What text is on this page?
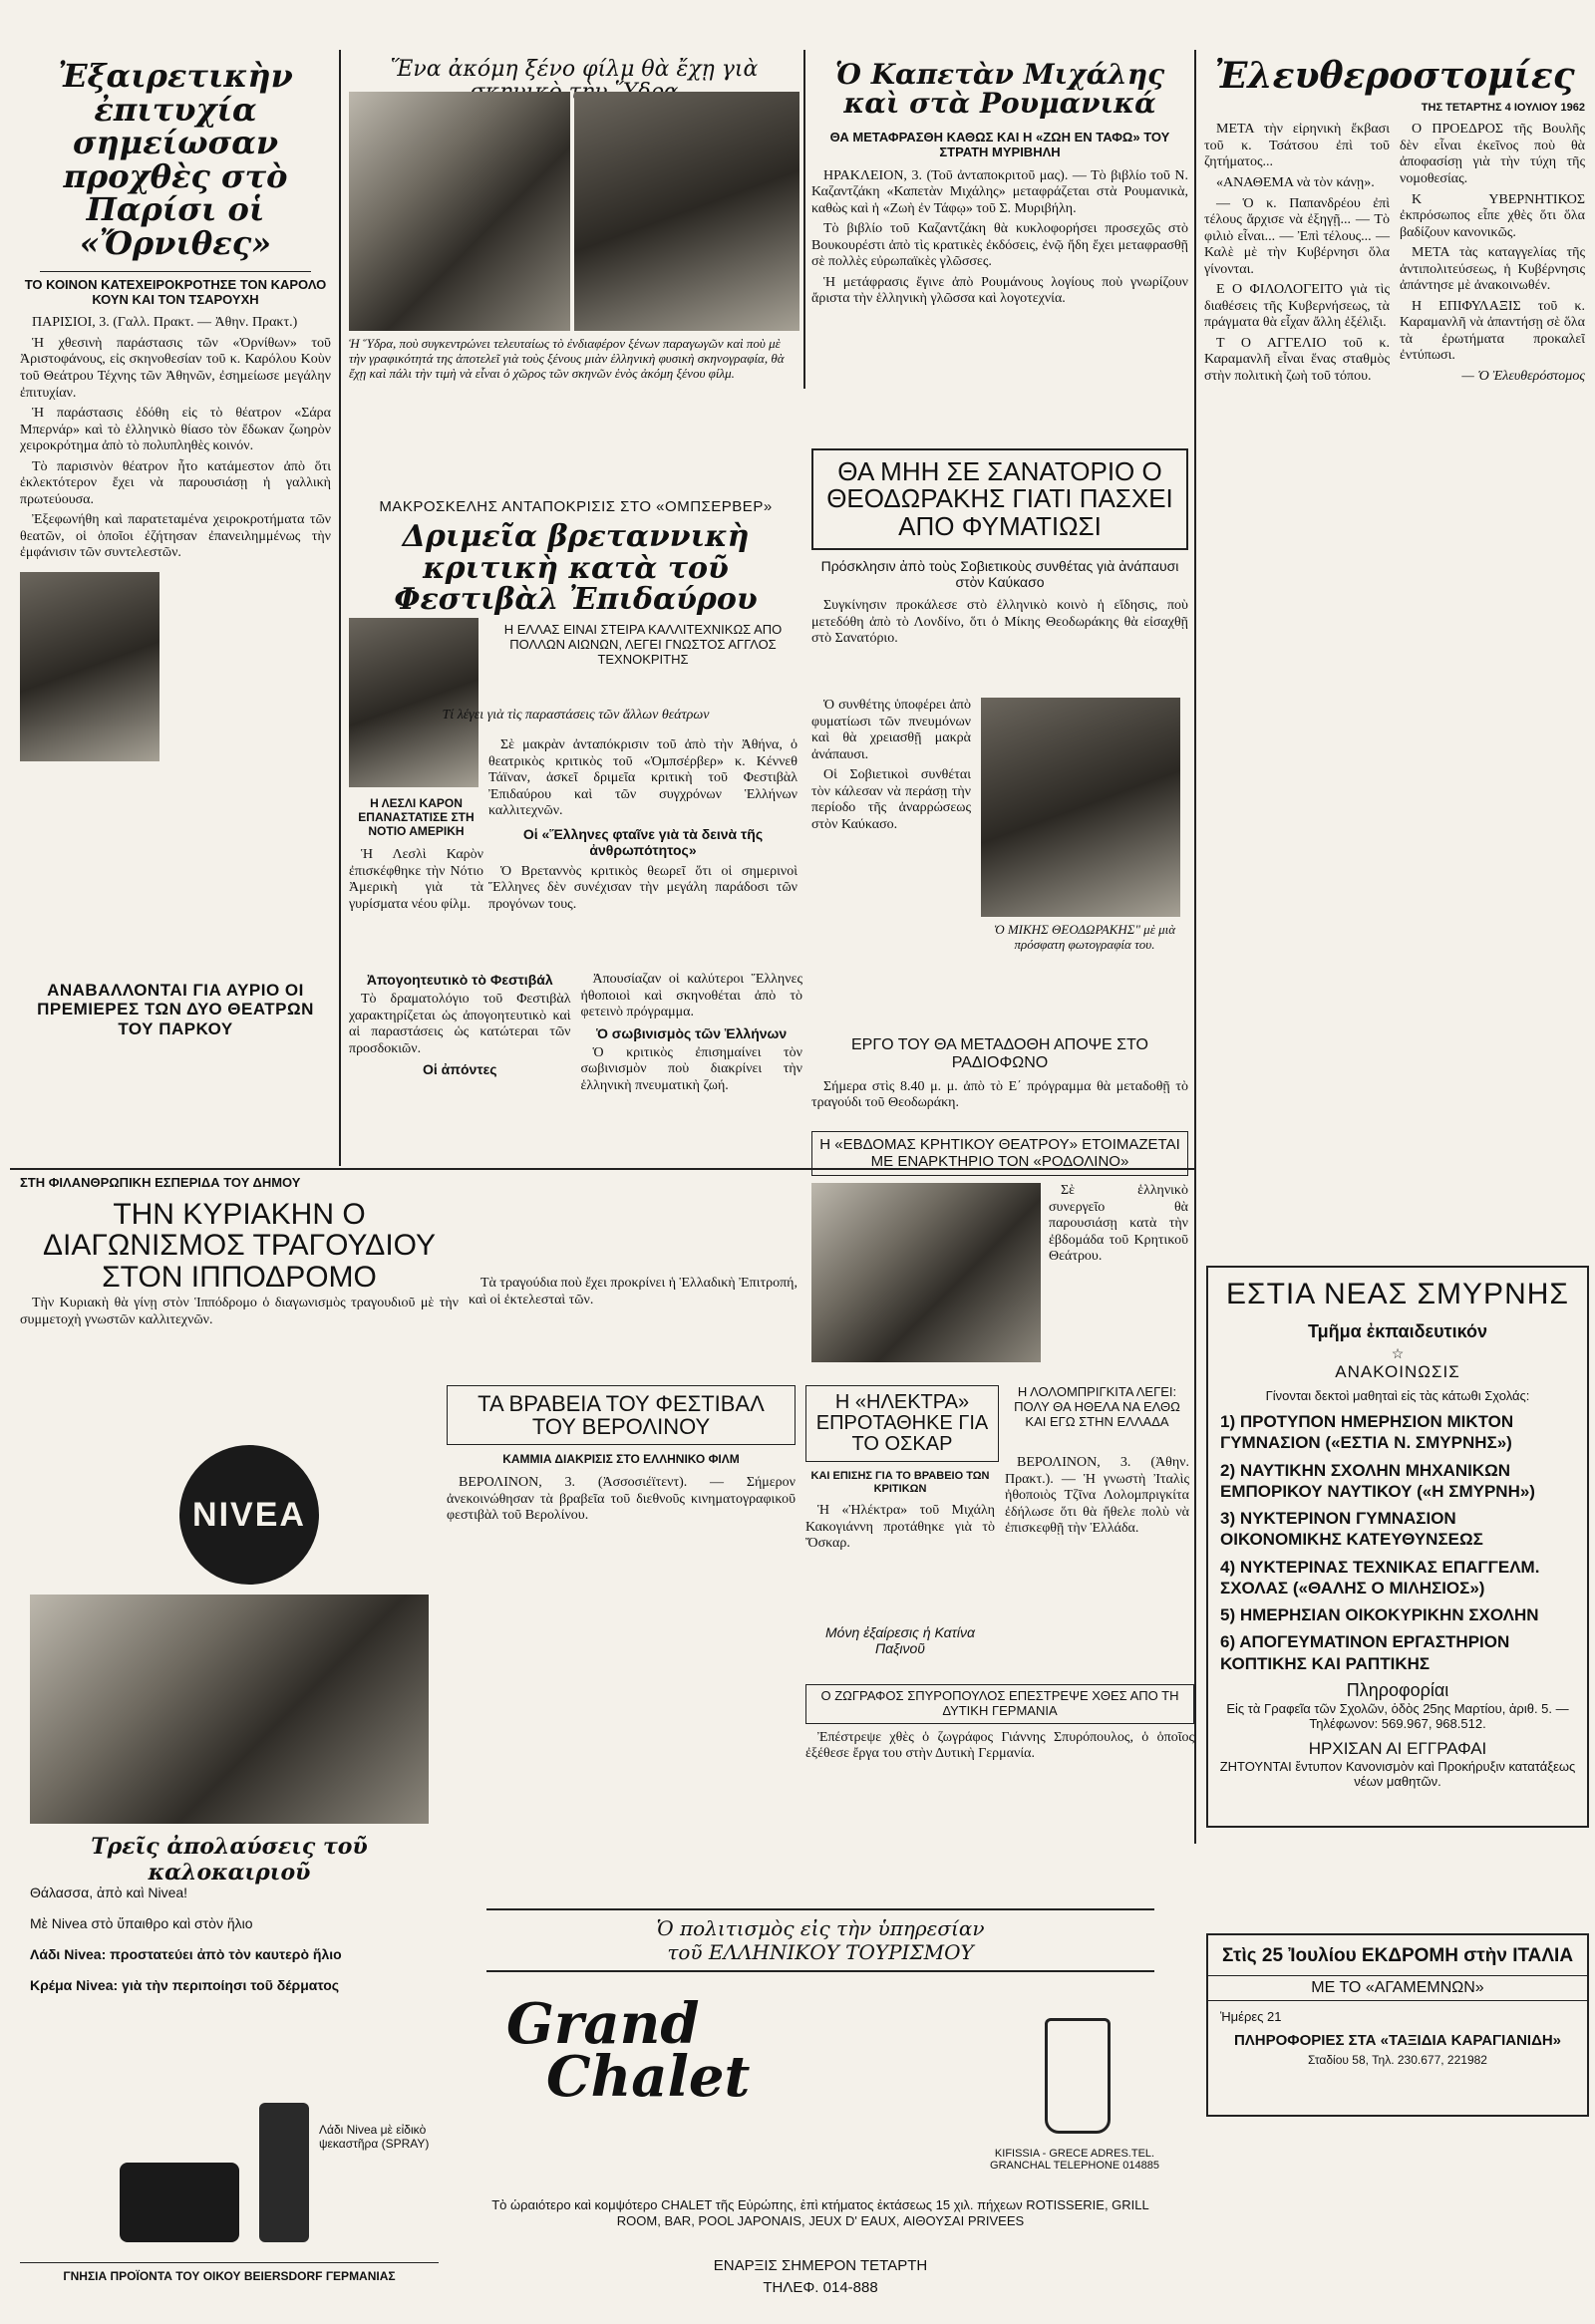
Ἐξαιρετικὴν ἐπιτυχία σημείωσαν προχθὲς στὸ Παρίσι οἱ «Ὄρνιθες»
ΤΟ ΚΟΙΝΟΝ ΚΑΤΕΧΕΙΡΟΚΡΟΤΗΣΕ ΤΟΝ ΚΑΡΟΛΟ ΚΟΥΝ ΚΑΙ ΤΟΝ ΤΣΑΡΟΥΧΗ

ΠΑΡΙΣΙΟΙ, 3. (Γαλλ. Πρακτ. — Ἀθην. Πρακτ.)

Ἡ χθεσινὴ παράστασις τῶν «Ὀρνίθων» τοῦ Ἀριστοφάνους, εἰς σκηνοθεσίαν τοῦ κ. Καρόλου Κοὺν τοῦ Θεάτρου Τέχνης τῶν Ἀθηνῶν, ἐσημείωσε μεγάλην ἐπιτυχίαν.

Ἡ παράστασις ἐδόθη εἰς τὸ θέατρον «Σάρα Μπερνάρ» καὶ τὸ ἑλληνικὸ θίασο τὸν ἔδωκαν ζωηρὸν χειροκρότημα ἀπὸ τὸ πολυπληθὲς κοινόν.

Τὸ παρισινὸν θέατρον ἦτο κατάμεστον ἀπὸ ὅτι ἐκλεκτότερον ἔχει νὰ παρουσιάσῃ ἡ γαλλικὴ πρωτεύουσα.

Ἐξεφωνήθη καὶ παρατεταμένα χειροκροτήματα τῶν θεατῶν, οἱ ὁποῖοι ἐζήτησαν ἐπανειλημμένως τὴν ἐμφάνισιν τῶν συντελεστῶν.

ΑΝΑΒΑΛΛΟΝΤΑΙ ΓΙΑ ΑΥΡΙΟ ΟΙ ΠΡΕΜΙΕΡΕΣ ΤΩΝ ΔΥΟ ΘΕΑΤΡΩΝ ΤΟΥ ΠΑΡΚΟΥ
Ἕνα ἀκόμη ξένο φίλμ θὰ ἔχῃ γιὰ
Ἡ Ὕδρα, ποὺ συγκεντρώνει τελευταίως τὸ ἐνδιαφέρον ξένων παραγωγῶν καὶ ποὺ μὲ τὴν γραφικότητά της ἀποτελεῖ γιὰ τοὺς ξένους μιὰν ἑλληνικὴ φυσικὴ σκηνογραφία, θὰ ἔχῃ καὶ πάλι τὴν τιμὴ νὰ εἶναι ὁ χῶρος τῶν σκηνῶν ἑνὸς ἀκόμη ξένου φίλμ.
Ὁ Καπετὰν Μιχάλης καὶ στὰ Ρουμανικά
ΘΑ ΜΕΤΑΦΡΑΣΘΗ ΚΑΘΩΣ ΚΑΙ Η «ΖΩΗ ΕΝ ΤΑΦΩ» ΤΟΥ ΣΤΡΑΤΗ ΜΥΡΙΒΗΛΗ

ΗΡΑΚΛΕΙΟΝ, 3. (Τοῦ ἀνταποκριτοῦ μας). — Τὸ βιβλίο τοῦ Ν. Καζαντζάκη «Καπετὰν Μιχάλης» μεταφράζεται στὰ Ρουμανικὰ, καθὼς καὶ ἡ «Ζωὴ ἐν Τάφῳ» τοῦ Σ. Μυριβήλη.

Τὸ βιβλίο τοῦ Καζαντζάκη θὰ κυκλοφορήσει προσεχῶς στὸ Βουκουρέστι ἀπὸ τὶς κρατικὲς ἐκδόσεις, ἐνῷ ἤδη ἔχει μεταφρασθῇ σὲ πολλὲς εὐρωπαϊκὲς γλῶσσες.

Ἡ μετάφρασις ἔγινε ἀπὸ Ρουμάνους λογίους ποὺ γνωρίζουν ἄριστα τὴν ἑλληνικὴ γλῶσσα καὶ λογοτεχνία.

ΘΑ ΜΗΗ ΣΕ ΣΑΝΑΤΟΡΙΟ Ο ΘΕΟΔΩΡΑΚΗΣ ΓΙΑΤΙ ΠΑΣΧΕΙ ΑΠΟ ΦΥΜΑΤΙΩΣΙ
Πρόσκλησιν ἀπὸ τοὺς Σοβιετικοὺς συνθέτας γιὰ ἀνάπαυσι στὸν Καύκασο

Συγκίνησιν προκάλεσε στὸ ἑλληνικὸ κοινὸ ἡ εἴδησις, ποὺ μετεδόθη ἀπὸ τὸ Λονδίνο, ὅτι ὁ Μίκης Θεοδωράκης θὰ εἰσαχθῇ στὸ Σανατόριο.

Ὁ συνθέτης ὑποφέρει ἀπὸ φυματίωσι τῶν πνευμόνων καὶ θὰ χρειασθῇ μακρὰ ἀνάπαυσι.

Οἱ Σοβιετικοὶ συνθέται τὸν κάλεσαν νὰ περάσῃ τὴν περίοδο τῆς ἀναρρώσεως στὸν Καύκασο.

Ὁ ΜΙΚΗΣ ΘΕΟΔΩΡΑΚΗΣ" μὲ μιὰ πρόσφατη φωτογραφία του.
ΕΡΓΟ ΤΟΥ ΘΑ ΜΕΤΑΔΟΘΗ ΑΠΟΨΕ ΣΤΟ ΡΑΔΙΟΦΩΝΟ

Σήμερα στὶς 8.40 μ. μ. ἀπὸ τὸ Ε΄ πρόγραμμα θὰ μεταδοθῇ τὸ τραγούδι τοῦ Θεοδωράκη.

Η «ΕΒΔΟΜΑΣ ΚΡΗΤΙΚΟΥ ΘΕΑΤΡΟΥ» ΕΤΟΙΜΑΖΕΤΑΙ ΜΕ ΕΝΑΡΚΤΗΡΙΟ ΤΟΝ «ΡΟΔΟΛΙΝΟ»

Σὲ ἑλληνικὸ συνεργεῖο θὰ παρουσιάσῃ κατὰ τὴν ἐβδομάδα τοῦ Κρητικοῦ Θεάτρου.

ΜΑΚΡΟΣΚΕΛΗΣ ΑΝΤΑΠΟΚΡΙΣΙΣ ΣΤΟ «ΟΜΠΣΕΡΒΕΡ»
Δριμεῖα βρεταννικὴ κριτικὴ κατὰ τοῦ Φεστιβὰλ Ἐπιδαύρου
Η ΕΛΛΑΣ ΕΙΝΑΙ ΣΤΕΙΡΑ ΚΑΛΛΙΤΕΧΝΙΚΩΣ ΑΠΟ ΠΟΛΛΩΝ ΑΙΩΝΩΝ, ΛΕΓΕΙ ΓΝΩΣΤΟΣ ΑΓΓΛΟΣ ΤΕΧΝΟΚΡΙΤΗΣ
Τί λέγει γιὰ τὶς παραστάσεις τῶν ἄλλων θεάτρων

Σὲ μακρὰν ἀνταπόκρισιν τοῦ ἀπὸ τὴν Ἀθήνα, ὁ θεατρικὸς κριτικὸς τοῦ «Ὀμπσέρβερ» κ. Κέννεθ Τάϊναν, ἀσκεῖ δριμεῖα κριτικὴ τοῦ Φεστιβὰλ Ἐπιδαύρου καὶ τῶν συγχρόνων Ἑλλήνων καλλιτεχνῶν.

Οἱ «Ἕλληνες φταῖνε γιὰ τὰ δεινὰ τῆς ἀνθρωπότητος»

Ὁ Βρεταννὸς κριτικὸς θεωρεῖ ὅτι οἱ σημερινοὶ Ἕλληνες δὲν συνέχισαν τὴν μεγάλη παράδοσι τῶν προγόνων τους.

Η ΛΕΣΛΙ ΚΑΡΟΝ ΕΠΑΝΑΣΤΑΤΙΣΕ ΣΤΗ ΝΟΤΙΟ ΑΜΕΡΙΚΗ

Ἡ Λεσλὶ Καρὸν ἐπισκέφθηκε τὴν Νότιο Ἀμερικὴ γιὰ τὰ γυρίσματα νέου φίλμ.

Ἀπογοητευτικὸ τὸ Φεστιβάλ

Τὸ δραματολόγιο τοῦ Φεστιβὰλ χαρακτηρίζεται ὡς ἀπογοητευτικὸ καὶ αἱ παραστάσεις ὡς κατώτεραι τῶν προσδοκιῶν.

Οἱ ἀπόντες

Ἀπουσίαζαν οἱ καλύτεροι Ἕλληνες ἠθοποιοὶ καὶ σκηνοθέται ἀπὸ τὸ φετεινὸ πρόγραμμα.

Ὁ σωβινισμὸς τῶν Ἑλλήνων

Ὁ κριτικὸς ἐπισημαίνει τὸν σωβινισμὸν ποὺ διακρίνει τὴν ἑλληνικὴ πνευματικὴ ζωή.

ΣΤΗ ΦΙΛΑΝΘΡΩΠΙΚΗ ΕΣΠΕΡΙΔΑ ΤΟΥ ΔΗΜΟΥ
ΤΗΝ ΚΥΡΙΑΚΗΝ Ο ΔΙΑΓΩΝΙΣΜΟΣ ΤΡΑΓΟΥΔΙΟΥ ΣΤΟΝ ΙΠΠΟΔΡΟΜΟ	Τὰ τραγούδια ποὺ ἔχει προκρίνει ἡ Ἑλλαδικὴ Ἐπιτροπή, καὶ οἱ ἐκτελεσταὶ τῶν.

Τὴν Κυριακὴ θὰ γίνῃ στὸν Ἱππόδρομο ὁ διαγωνισμὸς τραγουδιοῦ μὲ τὴν συμμετοχὴ γνωστῶν καλλιτεχνῶν.

NIVEA
Τρεῖς ἀπολαύσεις τοῦ καλοκαιριοῦ
Θάλασσα, ἀπὸ καὶ Nivea!
Μὲ Nivea στὸ ὕπαιθρο καὶ στὸν ἥλιο
Λάδι Nivea: προστατεύει ἀπὸ τὸν καυτερὸ ἥλιο
Κρέμα Nivea: γιὰ τὴν περιποίησι τοῦ δέρματος
Λάδι Nivea μὲ εἰδικὸ ψεκαστῆρα (SPRAY)
ΓΝΗΣΙΑ ΠΡΟΪΟΝΤΑ ΤΟΥ ΟΙΚΟΥ BEIERSDORF ΓΕΡΜΑΝΙΑΣ
ΤΑ ΒΡΑΒΕΙΑ ΤΟΥ ΦΕΣΤΙΒΑΛ ΤΟΥ ΒΕΡΟΛΙΝΟΥ
ΚΑΜΜΙΑ ΔΙΑΚΡΙΣΙΣ ΣΤΟ ΕΛΛΗΝΙΚΟ ΦΙΛΜ

ΒΕΡΟΛΙΝΟΝ, 3. (Ἀσσοσιέϊτεντ). — Σήμερον ἀνεκοινώθησαν τὰ βραβεῖα τοῦ διεθνοῦς κινηματογραφικοῦ φεστιβὰλ τοῦ Βερολίνου.

Η «ΗΛΕΚΤΡΑ» ΕΠΡΟΤΑΘΗΚΕ ΓΙΑ ΤΟ ΟΣΚΑΡ
ΚΑΙ ΕΠΙΣΗΣ ΓΙΑ ΤΟ ΒΡΑΒΕΙΟ ΤΩΝ ΚΡΙΤΙΚΩΝ

Ἡ «Ἠλέκτρα» τοῦ Μιχάλη Κακογιάννη προτάθηκε γιὰ τὸ Ὄσκαρ.

Μόνη ἐξαίρεσις ἡ Κατίνα Παξινοῦ
Η ΛΟΛΟΜΠΡΙΓΚΙΤΑ ΛΕΓΕΙ: ΠΟΛΥ ΘΑ ΗΘΕΛΑ ΝΑ ΕΛΘΩ ΚΑΙ ΕΓΩ ΣΤΗΝ ΕΛΛΑΔΑ

ΒΕΡΟΛΙΝΟΝ, 3. (Ἀθην. Πρακτ.). — Ἡ γνωστὴ Ἰταλὶς ἠθοποιὸς Τζῖνα Λολομπριγκίτα ἐδήλωσε ὅτι θὰ ἤθελε πολὺ νὰ ἐπισκεφθῇ τὴν Ἑλλάδα.

Ο ΖΩΓΡΑΦΟΣ ΣΠΥΡΟΠΟΥΛΟΣ ΕΠΕΣΤΡΕΨΕ ΧΘΕΣ ΑΠΟ ΤΗ ΔΥΤΙΚΗ ΓΕΡΜΑΝΙΑ

Ἐπέστρεψε χθὲς ὁ ζωγράφος Γιάννης Σπυρόπουλος, ὁ ὁποῖος ἐξέθεσε ἔργα του στὴν Δυτικὴ Γερμανία.

Ἐλευθεροστομίες
ΤΗΣ ΤΕΤΑΡΤΗΣ 4 ΙΟΥΛΙΟΥ 1962

ΜΕΤΑ τὴν εἰρηνικὴ ἔκβασι τοῦ κ. Τσάτσου ἐπὶ τοῦ ζητήματος...

«ΑΝΑΘΕΜΑ νὰ τὸν κάνῃ».

— Ὁ κ. Παπανδρέου ἐπὶ τέλους ἄρχισε νὰ ἐξηγῇ... — Τὸ φιλιὸ εἶναι... — Ἐπὶ τέλους... — Καλὲ μὲ τὴν Κυβέρνησι ὅλα γίνονται.

Ε Ο ΦΙΛΟΛΟΓΕΙΤΟ γιὰ τὶς διαθέσεις τῆς Κυβερνήσεως, τὰ πράγματα θὰ εἶχαν ἄλλη ἐξέλιξι.

Τ Ο ΑΓΓΕΛΙΟ τοῦ κ. Καραμανλῆ εἶναι ἕνας σταθμὸς στὴν πολιτικὴ ζωὴ τοῦ τόπου.

Ο ΠΡΟΕΔΡΟΣ τῆς Βουλῆς δὲν εἶναι ἐκεῖνος ποὺ θὰ ἀποφασίσῃ γιὰ τὴν τύχη τῆς νομοθεσίας.

Κ ΥΒΕΡΝΗΤΙΚΟΣ ἐκπρόσωπος εἶπε χθὲς ὅτι ὅλα βαδίζουν κανονικῶς.

ΜΕΤΑ τὰς καταγγελίας τῆς ἀντιπολιτεύσεως, ἡ Κυβέρνησις ἀπάντησε μὲ ἀνακοινωθέν.

Η ΕΠΙΦΥΛΑΞΙΣ τοῦ κ. Καραμανλῆ νὰ ἀπαντήσῃ σὲ ὅλα τὰ ἐρωτήματα προκαλεῖ ἐντύπωσι.

— Ὁ Ἐλευθερόστομος

ΕΣΤΙΑ ΝΕΑΣ ΣΜΥΡΝΗΣ
Τμῆμα ἐκπαιδευτικόν
☆
ΑΝΑΚΟΙΝΩΣΙΣ
Γίνονται δεκτοὶ μαθηταὶ εἰς τὰς κάτωθι Σχολάς:
1) ΠΡΟΤΥΠΟΝ ΗΜΕΡΗΣΙΟΝ ΜΙΚΤΟΝ ΓΥΜΝΑΣΙΟΝ («ΕΣΤΙΑ Ν. ΣΜΥΡΝΗΣ»)
2) ΝΑΥΤΙΚΗΝ ΣΧΟΛΗΝ ΜΗΧΑΝΙΚΩΝ ΕΜΠΟΡΙΚΟΥ ΝΑΥΤΙΚΟΥ («Η ΣΜΥΡΝΗ»)
3) ΝΥΚΤΕΡΙΝΟΝ ΓΥΜΝΑΣΙΟΝ ΟΙΚΟΝΟΜΙΚΗΣ ΚΑΤΕΥΘΥΝΣΕΩΣ
4) ΝΥΚΤΕΡΙΝΑΣ ΤΕΧΝΙΚΑΣ ΕΠΑΓΓΕΛΜ. ΣΧΟΛΑΣ («ΘΑΛΗΣ Ο ΜΙΛΗΣΙΟΣ»)
5) ΗΜΕΡΗΣΙΑΝ ΟΙΚΟΚΥΡΙΚΗΝ ΣΧΟΛΗΝ
6) ΑΠΟΓΕΥΜΑΤΙΝΟΝ ΕΡΓΑΣΤΗΡΙΟΝ ΚΟΠΤΙΚΗΣ ΚΑΙ ΡΑΠΤΙΚΗΣ
Πληροφορίαι
Εἰς τὰ Γραφεῖα τῶν Σχολῶν, ὁδὸς 25ης Μαρτίου, ἀριθ. 5. — Τηλέφωνον: 569.967, 968.512.
ΗΡΧΙΣΑΝ ΑΙ ΕΓΓΡΑΦΑΙ
ΖΗΤΟΥΝΤΑΙ ἔντυπον Κανονισμὸν καὶ Προκήρυξιν κατατάξεως νέων μαθητῶν.
Στὶς 25 Ἰουλίου ΕΚΔΡΟΜΗ στὴν ΙΤΑΛΙΑ
ΜΕ ΤΟ «ΑΓΑΜΕΜΝΩΝ»
Ἡμέρες 21
ΠΛΗΡΟΦΟΡΙΕΣ ΣΤΑ «ΤΑΞΙΔΙΑ ΚΑΡΑΓΙΑΝΙΔΗ»
Σταδίου 58, Τηλ. 230.677, 221982
Ὁ πολιτισμὸς εἰς τὴν ὑπηρεσίαν
τοῦ ΕΛΛΗΝΙΚΟΥ ΤΟΥΡΙΣΜΟΥ
Grand
Chalet
KIFISSIA - GRECE ADRES.TEL. GRANCHAL TELEPHONE 014885
Τὸ ὡραιότερο καὶ κομψότερο CHALET τῆς Εὐρώπης, ἐπὶ κτήματος ἐκτάσεως 15 χιλ. πήχεων ROTISSERIE, GRILL ROOM, BAR, POOL JAPONAIS, JEUX D' EAUX, ΑΙΘΟΥΣΑΙ PRIVEES
ΕΝΑΡΞΙΣ ΣΗΜΕΡΟΝ ΤΕΤΑΡΤΗ
ΤΗΛΕΦ. 014-888
